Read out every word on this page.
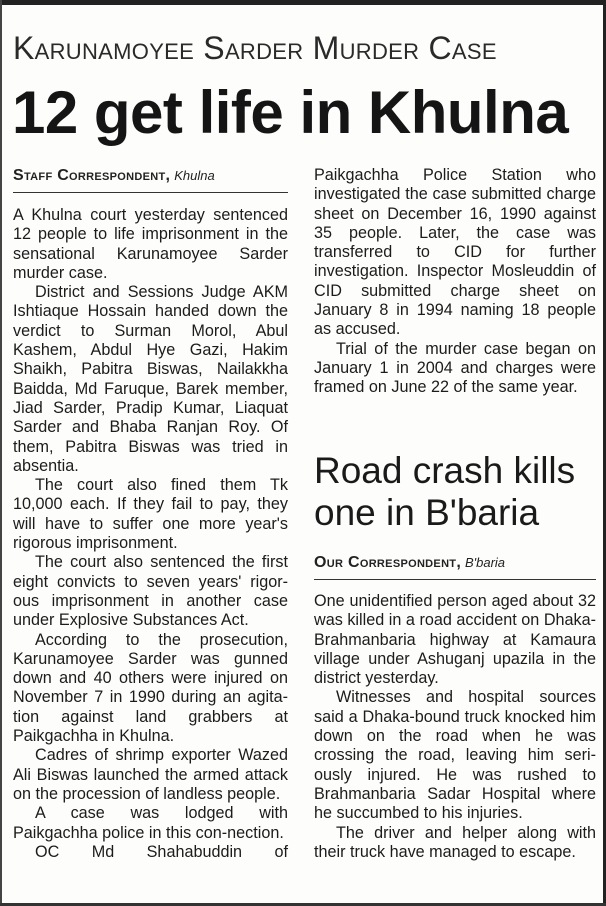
Karunamoyee Sarder Murder Case
12 get life in Khulna
Staff Correspondent, Khulna

A Khulna court yesterday sentenced 12 people to life imprisonment in the sensational Karunamoyee Sarder murder case.

District and Sessions Judge AKM Ishtiaque Hossain handed down the verdict to Surman Morol, Abul Kashem, Abdul Hye Gazi, Hakim Shaikh, Pabitra Biswas, Nailakkha Baidda, Md Faruque, Barek member, Jiad Sarder, Pradip Kumar, Liaquat Sarder and Bhaba Ranjan Roy. Of them, Pabitra Biswas was tried in absentia.

The court also fined them Tk 10,000 each. If they fail to pay, they will have to suffer one more year's rigorous imprisonment.

The court also sentenced the first eight convicts to seven years' rigor-ous imprisonment in another case under Explosive Substances Act.

According to the prosecution, Karunamoyee Sarder was gunned down and 40 others were injured on November 7 in 1990 during an agita-tion against land grabbers at Paikgachha in Khulna.

Cadres of shrimp exporter Wazed Ali Biswas launched the armed attack on the procession of landless people.

A case was lodged with Paikgachha police in this con-nection.

OC Md Shahabuddin of

Paikgachha Police Station who investigated the case submitted charge sheet on December 16, 1990 against 35 people. Later, the case was transferred to CID for further investigation. Inspector Mosleuddin of CID submitted charge sheet on January 8 in 1994 naming 18 people as accused.

Trial of the murder case began on January 1 in 2004 and charges were framed on June 22 of the same year.

Road crash kills one in B'baria
Our Correspondent, B'baria

One unidentified person aged about 32 was killed in a road accident on Dhaka-Brahmanbaria highway at Kamaura village under Ashuganj upazila in the district yesterday.

Witnesses and hospital sources said a Dhaka-bound truck knocked him down on the road when he was crossing the road, leaving him seri-ously injured. He was rushed to Brahmanbaria Sadar Hospital where he succumbed to his injuries.

The driver and helper along with their truck have managed to escape.
